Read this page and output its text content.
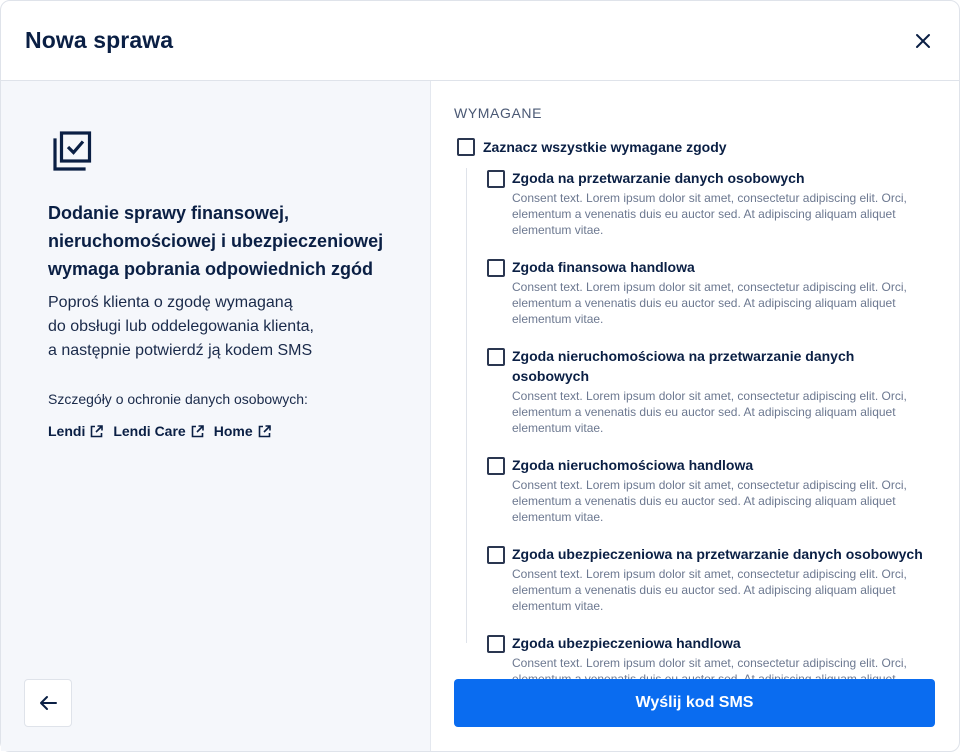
Nowa sprawa
Dodanie sprawy finansowej, nieruchomościowej i ubezpieczeniowej wymaga pobrania odpowiednich zgód

Poproś klienta o zgodę wymaganą
do obsługi lub oddelegowania klienta,
a następnie potwierdź ją kodem SMS

Szczegóły o ochronie danych osobowych:

Lendi Lendi Care Home
WYMAGANE
Zaznacz wszystkie wymagane zgody
Zgoda na przetwarzanie danych osobowych
Consent text. Lorem ipsum dolor sit amet, consectetur adipiscing elit. Orci, elementum a venenatis duis eu auctor sed. At adipiscing aliquam aliquet elementum vitae.
Zgoda finansowa handlowa
Consent text. Lorem ipsum dolor sit amet, consectetur adipiscing elit. Orci, elementum a venenatis duis eu auctor sed. At adipiscing aliquam aliquet elementum vitae.
Zgoda nieruchomościowa na przetwarzanie danych osobowych
Consent text. Lorem ipsum dolor sit amet, consectetur adipiscing elit. Orci, elementum a venenatis duis eu auctor sed. At adipiscing aliquam aliquet elementum vitae.
Zgoda nieruchomościowa handlowa
Consent text. Lorem ipsum dolor sit amet, consectetur adipiscing elit. Orci, elementum a venenatis duis eu auctor sed. At adipiscing aliquam aliquet elementum vitae.
Zgoda ubezpieczeniowa na przetwarzanie danych osobowych
Consent text. Lorem ipsum dolor sit amet, consectetur adipiscing elit. Orci, elementum a venenatis duis eu auctor sed. At adipiscing aliquam aliquet elementum vitae.
Zgoda ubezpieczeniowa handlowa
Consent text. Lorem ipsum dolor sit amet, consectetur adipiscing elit. Orci,
Wyślij kod SMS
